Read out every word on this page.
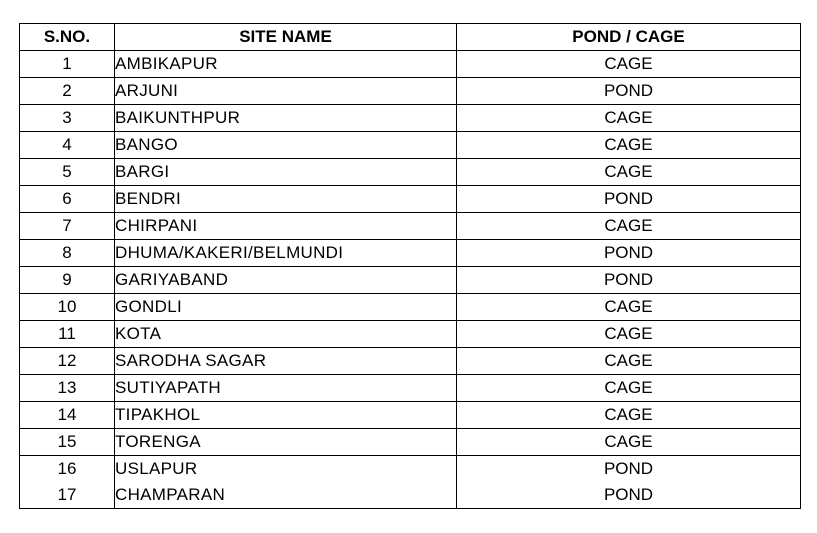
S.NO.	SITE NAME	POND / CAGE
1	AMBIKAPUR	CAGE
2	ARJUNI	POND
3	BAIKUNTHPUR	CAGE
4	BANGO	CAGE
5	BARGI	CAGE
6	BENDRI	POND
7	CHIRPANI	CAGE
8	DHUMA/KAKERI/BELMUNDI	POND
9	GARIYABAND	POND
10	GONDLI	CAGE
11	KOTA	CAGE
12	SARODHA SAGAR	CAGE
13	SUTIYAPATH	CAGE
14	TIPAKHOL	CAGE
15	TORENGA	CAGE
16	USLAPUR	POND
17	CHAMPARAN	POND
